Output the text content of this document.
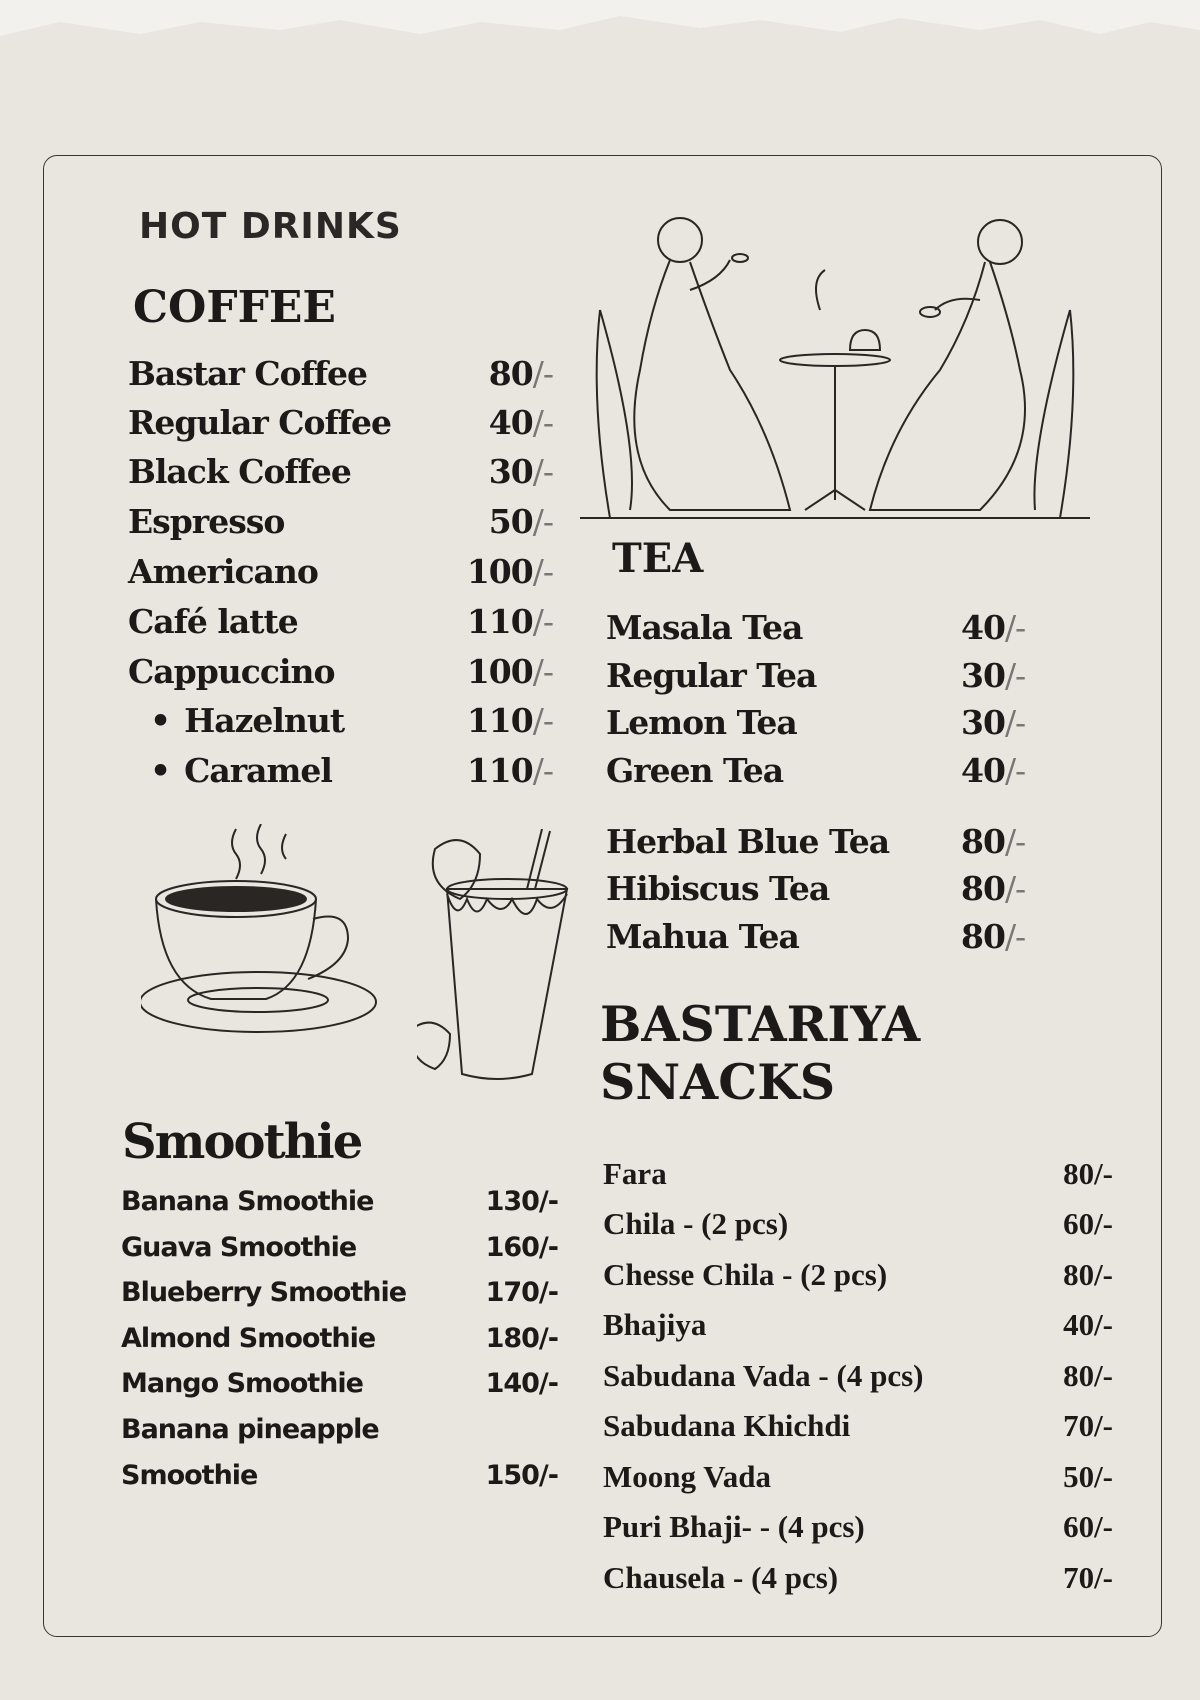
HOT DRINKS
COFFEE
Bastar Coffee	80/-
Regular Coffee	40/-
Black Coffee	30/-
Espresso	50/-
Americano	100/-
Café latte	110/-
Cappuccino	100/-
• Hazelnut	110/-
• Caramel	110/-
TEA
Masala Tea	40/-
Regular Tea	30/-
Lemon Tea	30/-
Green Tea	40/-
Herbal Blue Tea 80/-
Hibiscus Tea	80/-
Mahua Tea	80/-
BASTARIYA
SNACKS
Fara	80/-
Chila - (2 pcs)	60/-
Chesse Chila - (2 pcs)	80/-
Bhajiya	40/-
Sabudana Vada - (4 pcs)	80/-
Sabudana Khichdi	70/-
Moong Vada	50/-
Puri Bhaji- - (4 pcs)	60/-
Chausela - (4 pcs)	70/-
Smoothie
Banana Smoothie	130/-
Guava Smoothie	160/-
Blueberry Smoothie	170/-
Almond Smoothie	180/-
Mango Smoothie	140/-
Banana pineapple
Smoothie	150/-
